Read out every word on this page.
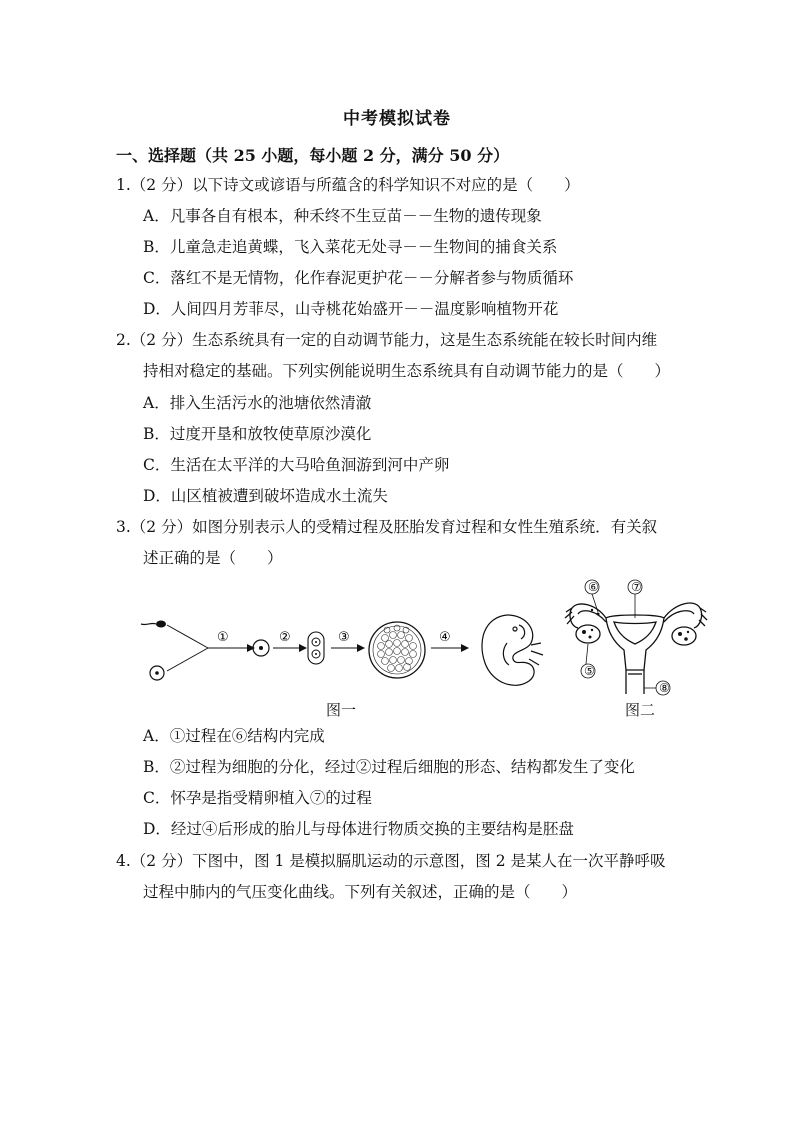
中考模拟试卷
一、选择题（共 25 小题，每小题 2 分，满分 50 分）
1.（2 分）以下诗文或谚语与所蕴含的科学知识不对应的是（　　）
A．凡事各自有根本，种禾终不生豆苗－－生物的遗传现象
B．儿童急走追黄蝶，飞入菜花无处寻－－生物间的捕食关系
C．落红不是无情物，化作春泥更护花－－分解者参与物质循环
D．人间四月芳菲尽，山寺桃花始盛开－－温度影响植物开花
2.（2 分）生态系统具有一定的自动调节能力，这是生态系统能在较长时间内维
持相对稳定的基础。下列实例能说明生态系统具有自动调节能力的是（　　）
A．排入生活污水的池塘依然清澈
B．过度开垦和放牧使草原沙漠化
C．生活在太平洋的大马哈鱼洄游到河中产卵
D．山区植被遭到破坏造成水土流失
3.（2 分）如图分别表示人的受精过程及胚胎发育过程和女性生殖系统．有关叙
述正确的是（　　）
①	②	③	④
图一
⑥	⑦
⑤
⑧
图二
A．①过程在⑥结构内完成
B．②过程为细胞的分化，经过②过程后细胞的形态、结构都发生了变化
C．怀孕是指受精卵植入⑦的过程
D．经过④后形成的胎儿与母体进行物质交换的主要结构是胚盘
4.（2 分）下图中，图 1 是模拟膈肌运动的示意图，图 2 是某人在一次平静呼吸
过程中肺内的气压变化曲线。下列有关叙述，正确的是（　　）
